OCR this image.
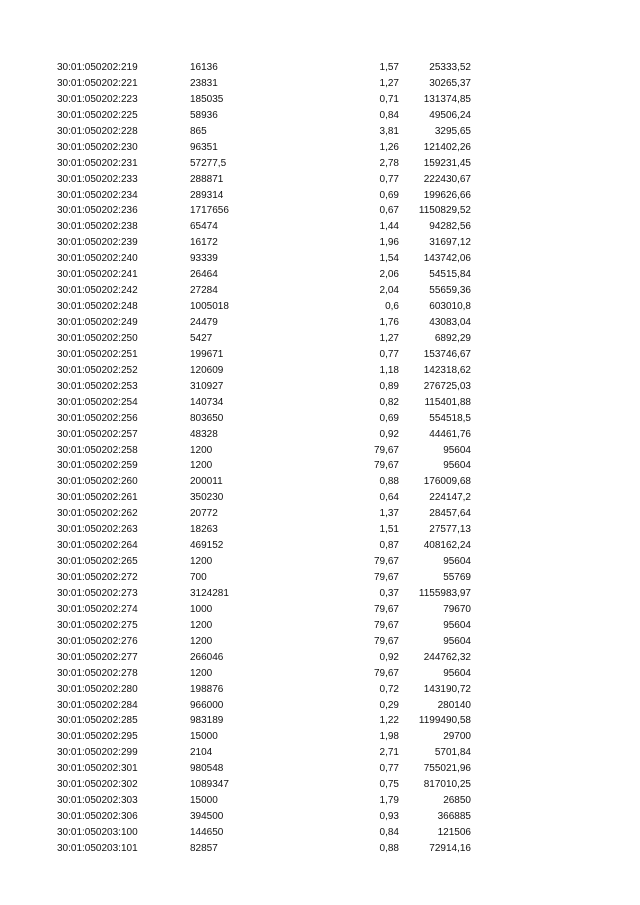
30:01:050202:219	16136	1,57	25333,52
30:01:050202:221	23831	1,27	30265,37
30:01:050202:223	185035	0,71 131374,85
30:01:050202:225	58936	0,84	49506,24
30:01:050202:228	865	3,81	3295,65
30:01:050202:230	96351	1,26 121402,26
30:01:050202:231	57277,5	2,78 159231,45
30:01:050202:233	288871	0,77 222430,67
30:01:050202:234	289314	0,69 199626,66
30:01:050202:236	1717656	0,67 1150829,52
30:01:050202:238	65474	1,44	94282,56
30:01:050202:239	16172	1,96	31697,12
30:01:050202:240	93339	1,54 143742,06
30:01:050202:241	26464	2,06	54515,84
30:01:050202:242	27284	2,04	55659,36
30:01:050202:248	1005018	0,6	603010,8
30:01:050202:249	24479	1,76	43083,04
30:01:050202:250	5427	1,27	6892,29
30:01:050202:251	199671	0,77 153746,67
30:01:050202:252	120609	1,18 142318,62
30:01:050202:253	310927	0,89 276725,03
30:01:050202:254	140734	0,82	115401,88
30:01:050202:256	803650	0,69	554518,5
30:01:050202:257	48328	0,92	44461,76
30:01:050202:258	1200	79,67	95604
30:01:050202:259	1200	79,67	95604
30:01:050202:260	200011	0,88 176009,68
30:01:050202:261	350230	0,64	224147,2
30:01:050202:262	20772	1,37	28457,64
30:01:050202:263	18263	1,51	27577,13
30:01:050202:264	469152	0,87 408162,24
30:01:050202:265	1200	79,67	95604
30:01:050202:272	700	79,67	55769
30:01:050202:273	3124281	0,37 1155983,97
30:01:050202:274	1000	79,67	79670
30:01:050202:275	1200	79,67	95604
30:01:050202:276	1200	79,67	95604
30:01:050202:277	266046	0,92 244762,32
30:01:050202:278	1200	79,67	95604
30:01:050202:280	198876	0,72 143190,72
30:01:050202:284	966000	0,29	280140
30:01:050202:285	983189	1,22 1199490,58
30:01:050202:295	15000	1,98	29700
30:01:050202:299	2104	2,71	5701,84
30:01:050202:301	980548	0,77 755021,96
30:01:050202:302	1089347	0,75 817010,25
30:01:050202:303	15000	1,79	26850
30:01:050202:306	394500	0,93	366885
30:01:050203:100	144650	0,84	121506
30:01:050203:101	82857	0,88	72914,16
